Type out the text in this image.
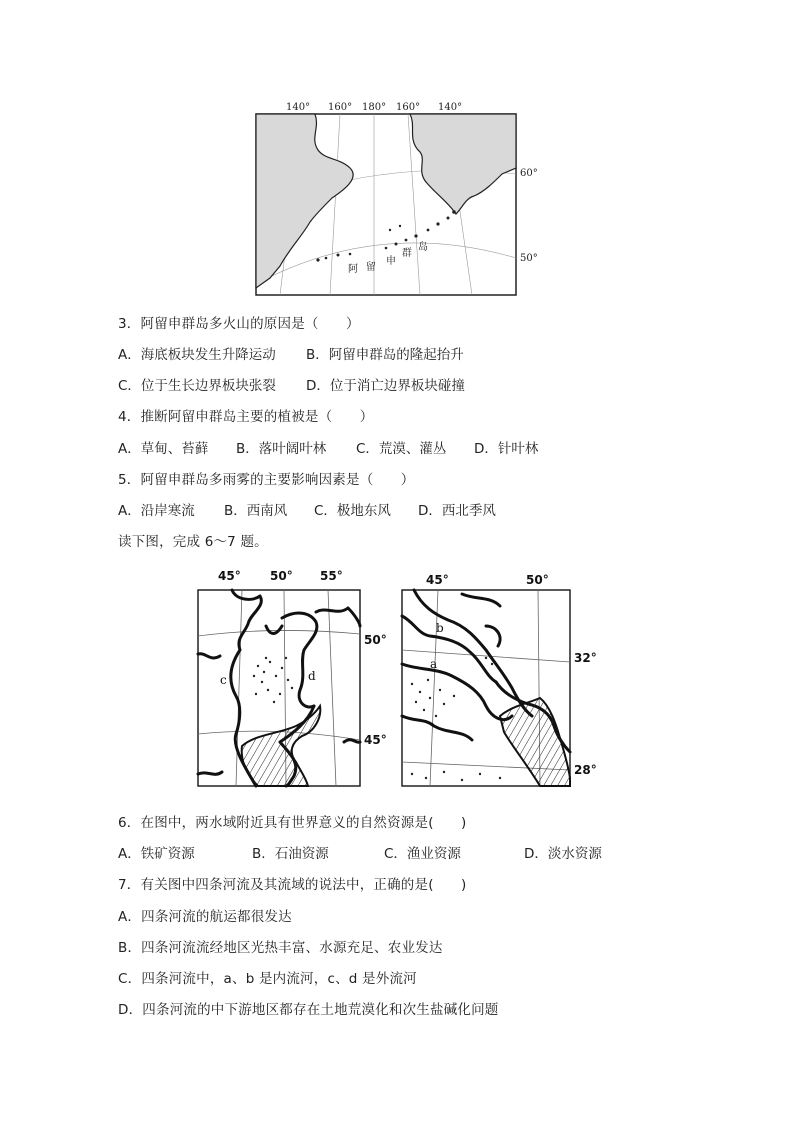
140° 160° 180° 160° 140°
60°
50°
阿 留
申
群
岛
3．阿留申群岛多火山的原因是（　　）
A．海底板块发生升降运动 B．阿留申群岛的隆起抬升
C．位于生长边界板块张裂 D．位于消亡边界板块碰撞
4．推断阿留申群岛主要的植被是（　　）
A．草甸、苔藓 B．落叶阔叶林 C．荒漠、灌丛 D．针叶林
5．阿留申群岛多雨雾的主要影响因素是（　　）
A．沿岸寒流 B．西南风 C．极地东风 D．西北季风
读下图，完成 6～7 题。
45° 50° 55°
50°
45°
c	d
45°	50°
32°
28°
b
a
6．在图中，两水域附近具有世界意义的自然资源是(　　)
A．铁矿资源	B．石油资源	C．渔业资源	D．淡水资源
7．有关图中四条河流及其流域的说法中，正确的是(　　)
A．四条河流的航运都很发达
B．四条河流流经地区光热丰富、水源充足、农业发达
C．四条河流中，a、b 是内流河，c、d 是外流河
D．四条河流的中下游地区都存在土地荒漠化和次生盐碱化问题
